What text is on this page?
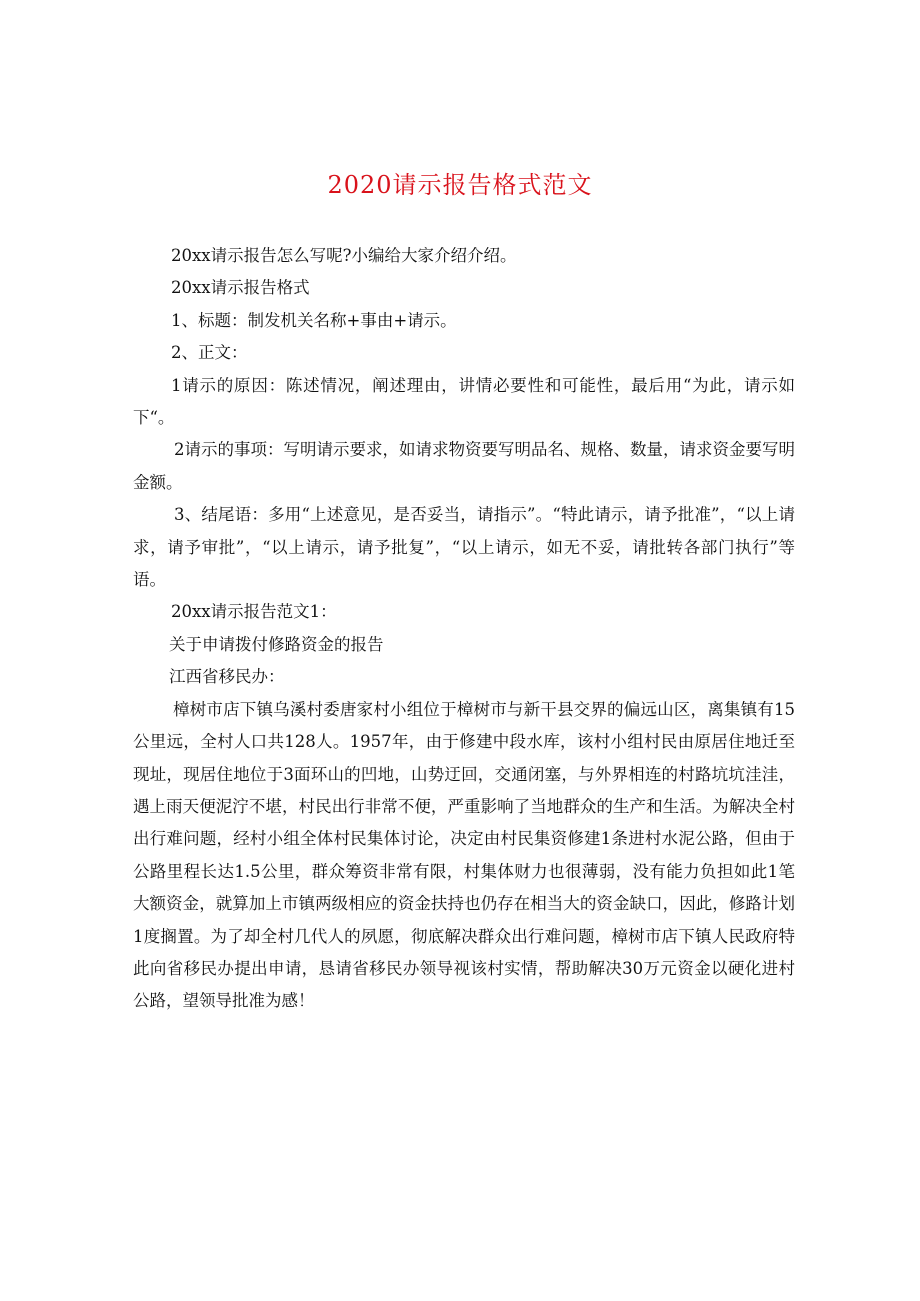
2020请示报告格式范文

20xx请示报告怎么写呢?小编给大家介绍介绍。

20xx请示报告格式

1、标题：制发机关名称+事由+请示。

2、正文：

1请示的原因：陈述情况，阐述理由，讲情必要性和可能性，最后用“为此，请示如下“。

2请示的事项：写明请示要求，如请求物资要写明品名、规格、数量，请求资金要写明金额。

3、结尾语：多用“上述意见，是否妥当，请指示”。“特此请示，请予批准”，“以上请求，请予审批”，“以上请示，请予批复”，“以上请示，如无不妥，请批转各部门执行”等语。

20xx请示报告范文1：

关于申请拨付修路资金的报告

江西省移民办：

樟树市店下镇乌溪村委唐家村小组位于樟树市与新干县交界的偏远山区，离集镇有15公里远，全村人口共128人。1957年，由于修建中段水库，该村小组村民由原居住地迁至现址，现居住地位于3面环山的凹地，山势迂回，交通闭塞，与外界相连的村路坑坑洼洼，遇上雨天便泥泞不堪，村民出行非常不便，严重影响了当地群众的生产和生活。为解决全村出行难问题，经村小组全体村民集体讨论，决定由村民集资修建1条进村水泥公路，但由于公路里程长达1.5公里，群众筹资非常有限，村集体财力也很薄弱，没有能力负担如此1笔大额资金，就算加上市镇两级相应的资金扶持也仍存在相当大的资金缺口，因此，修路计划1度搁置。为了却全村几代人的夙愿，彻底解决群众出行难问题，樟树市店下镇人民政府特此向省移民办提出申请，恳请省移民办领导视该村实情，帮助解决30万元资金以硬化进村公路，望领导批准为感！
